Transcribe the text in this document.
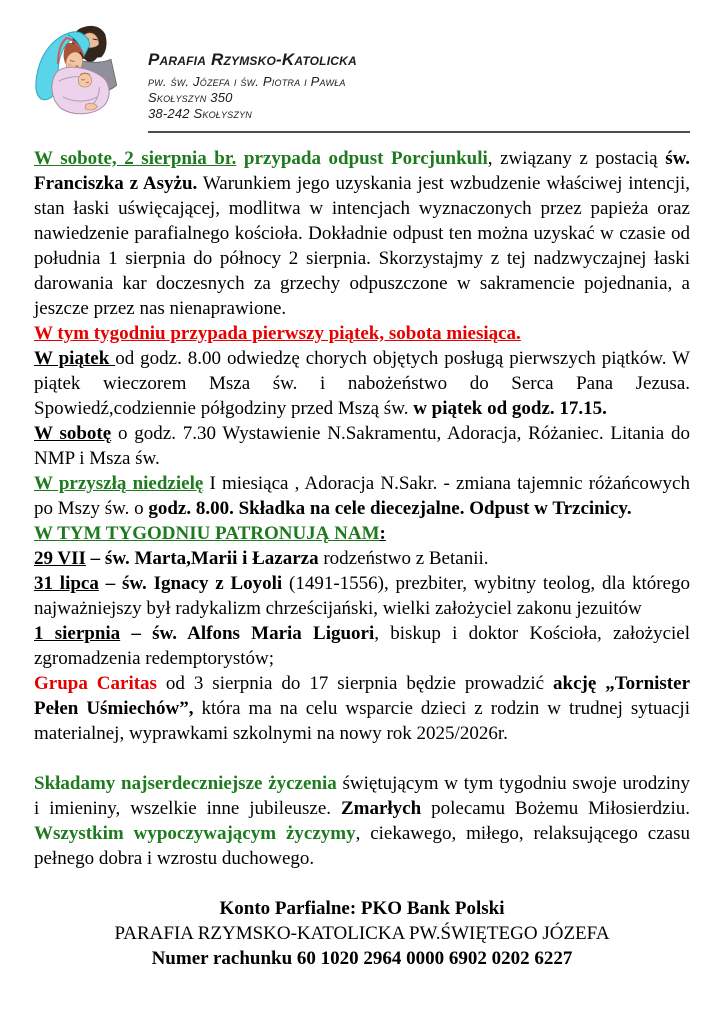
Parafia Rzymsko-Katolicka
pw. św. Józefa i św. Piotra i Pawła
Skołyszyn 350
38-242 Skołyszyn

W sobote, 2 sierpnia br. przypada odpust Porcjunkuli, związany z postacią św. Franciszka z Asyżu. Warunkiem jego uzyskania jest wzbudzenie właściwej intencji, stan łaski uświęcającej, modlitwa w intencjach wyznaczonych przez papieża oraz nawiedzenie parafialnego kościoła. Dokładnie odpust ten można uzyskać w czasie od południa 1 sierpnia do północy 2 sierpnia. Skorzystajmy z tej nadzwyczajnej łaski darowania kar doczesnych za grzechy odpuszczone w sakramencie pojednania, a jeszcze przez nas nienaprawione.

W tym tygodniu przypada pierwszy piątek, sobota miesiąca.

W piątek od godz. 8.00 odwiedzę chorych objętych posługą pierwszych piątków. W piątek wieczorem Msza św. i nabożeństwo do Serca Pana Jezusa. Spowiedź,codziennie półgodziny przed Mszą św. w piątek od godz. 17.15.

W sobotę o godz. 7.30 Wystawienie N.Sakramentu, Adoracja, Różaniec. Litania do NMP i Msza św.

W przyszłą niedzielę I miesiąca , Adoracja N.Sakr. - zmiana tajemnic różańcowych po Mszy św. o godz. 8.00. Składka na cele diecezjalne. Odpust w Trzcinicy.

W TYM TYGODNIU PATRONUJĄ NAM:

29 VII – św. Marta,Marii i Łazarza rodzeństwo z Betanii.

31 lipca – św. Ignacy z Loyoli (1491-1556), prezbiter, wybitny teolog, dla którego najważniejszy był radykalizm chrześcijański, wielki założyciel zakonu jezuitów

1 sierpnia – św. Alfons Maria Liguori, biskup i doktor Kościoła, założyciel zgromadzenia redemptorystów;

Grupa Caritas od 3 sierpnia do 17 sierpnia będzie prowadzić akcję „Tornister Pełen Uśmiechów”, która ma na celu wsparcie dzieci z rodzin w trudnej sytuacji materialnej, wyprawkami szkolnymi na nowy rok 2025/2026r.

Składamy najserdeczniejsze życzenia świętującym w tym tygodniu swoje urodziny i imieniny, wszelkie inne jubileusze. Zmarłych polecamu Bożemu Miłosierdziu. Wszystkim wypoczywającym życzymy, ciekawego, miłego, relaksującego czasu pełnego dobra i wzrostu duchowego.

Konto Parfialne: PKO Bank Polski

PARAFIA RZYMSKO-KATOLICKA PW.ŚWIĘTEGO JÓZEFA

Numer rachunku 60 1020 2964 0000 6902 0202 6227
